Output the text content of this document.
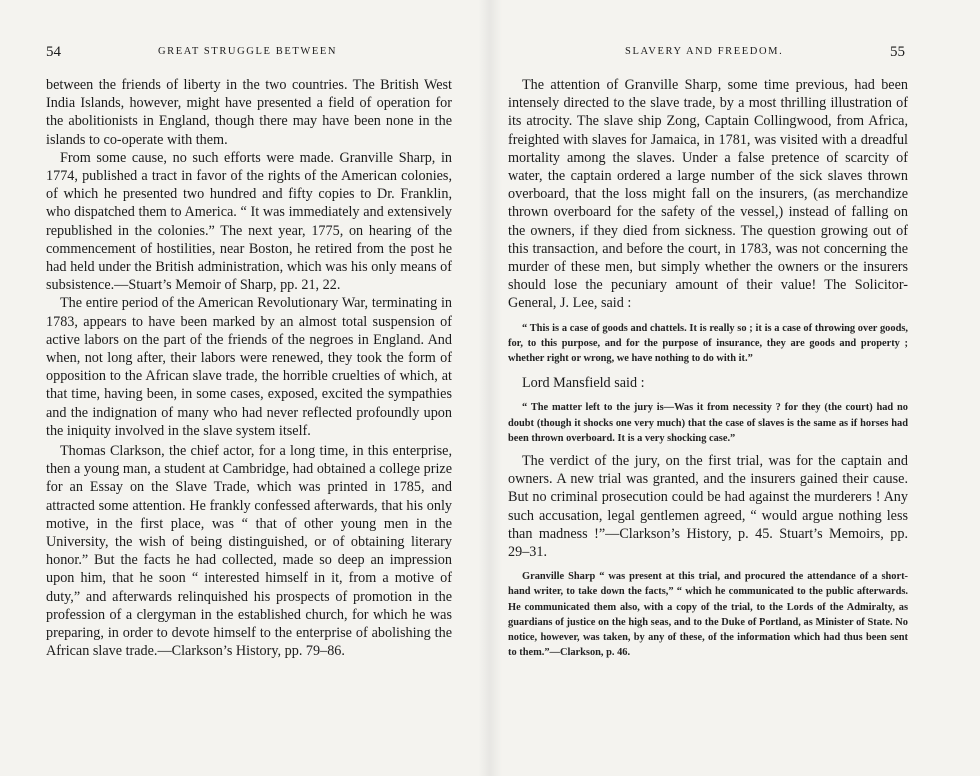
54	GREAT STRUGGLE BETWEEN

between the friends of liberty in the two countries. The British West India Islands, however, might have presented a field of operation for the abolitionists in England, though there may have been none in the islands to co-operate with them.

From some cause, no such efforts were made. Granville Sharp, in 1774, published a tract in favor of the rights of the American colonies, of which he presented two hundred and fifty copies to Dr. Franklin, who dispatched them to America. “ It was immediately and extensively republished in the colonies.” The next year, 1775, on hearing of the commencement of hostilities, near Boston, he retired from the post he had held under the British administration, which was his only means of subsistence.—Stuart’s Memoir of Sharp, pp. 21, 22.

The entire period of the American Revolutionary War, terminating in 1783, appears to have been marked by an almost total suspension of active labors on the part of the friends of the negroes in England. And when, not long after, their labors were renewed, they took the form of opposition to the African slave trade, the horrible cruelties of which, at that time, having been, in some cases, exposed, excited the sympathies and the indignation of many who had never reflected profoundly upon the iniquity involved in the slave system itself.

Thomas Clarkson, the chief actor, for a long time, in this enterprise, then a young man, a student at Cambridge, had obtained a college prize for an Essay on the Slave Trade, which was printed in 1785, and attracted some attention. He frankly confessed afterwards, that his only motive, in the first place, was “ that of other young men in the University, the wish of being distinguished, or of obtaining literary honor.” But the facts he had collected, made so deep an impression upon him, that he soon “ interested himself in it, from a motive of duty,” and afterwards relinquished his prospects of promotion in the profession of a clergyman in the established church, for which he was preparing, in order to devote himself to the enterprise of abolishing the African slave trade.—Clarkson’s History, pp. 79–86.

SLAVERY AND FREEDOM.	55

The attention of Granville Sharp, some time previous, had been intensely directed to the slave trade, by a most thrilling illustration of its atrocity. The slave ship Zong, Captain Collingwood, from Africa, freighted with slaves for Jamaica, in 1781, was visited with a dreadful mortality among the slaves. Under a false pretence of scarcity of water, the captain ordered a large number of the sick slaves thrown overboard, that the loss might fall on the insurers, (as merchandize thrown overboard for the safety of the vessel,) instead of falling on the owners, if they died from sickness. The question growing out of this transaction, and before the court, in 1783, was not concerning the murder of these men, but simply whether the owners or the insurers should lose the pecuniary amount of their value! The Solicitor-General, J. Lee, said :

“ This is a case of goods and chattels. It is really so ; it is a case of throwing over goods, for, to this purpose, and for the purpose of insurance, they are goods and property ; whether right or wrong, we have nothing to do with it.”

Lord Mansfield said :

“ The matter left to the jury is—Was it from necessity ? for they (the court) had no doubt (though it shocks one very much) that the case of slaves is the same as if horses had been thrown overboard. It is a very shocking case.”

The verdict of the jury, on the first trial, was for the captain and owners. A new trial was granted, and the insurers gained their cause. But no criminal prosecution could be had against the murderers ! Any such accusation, legal gentlemen agreed, “ would argue nothing less than madness !”—Clarkson’s History, p. 45. Stuart’s Memoirs, pp. 29–31.

Granville Sharp “ was present at this trial, and procured the attendance of a short-hand writer, to take down the facts,” “ which he communicated to the public afterwards. He communicated them also, with a copy of the trial, to the Lords of the Admiralty, as guardians of justice on the high seas, and to the Duke of Portland, as Minister of State. No notice, however, was taken, by any of these, of the information which had thus been sent to them.”—Clarkson, p. 46.
